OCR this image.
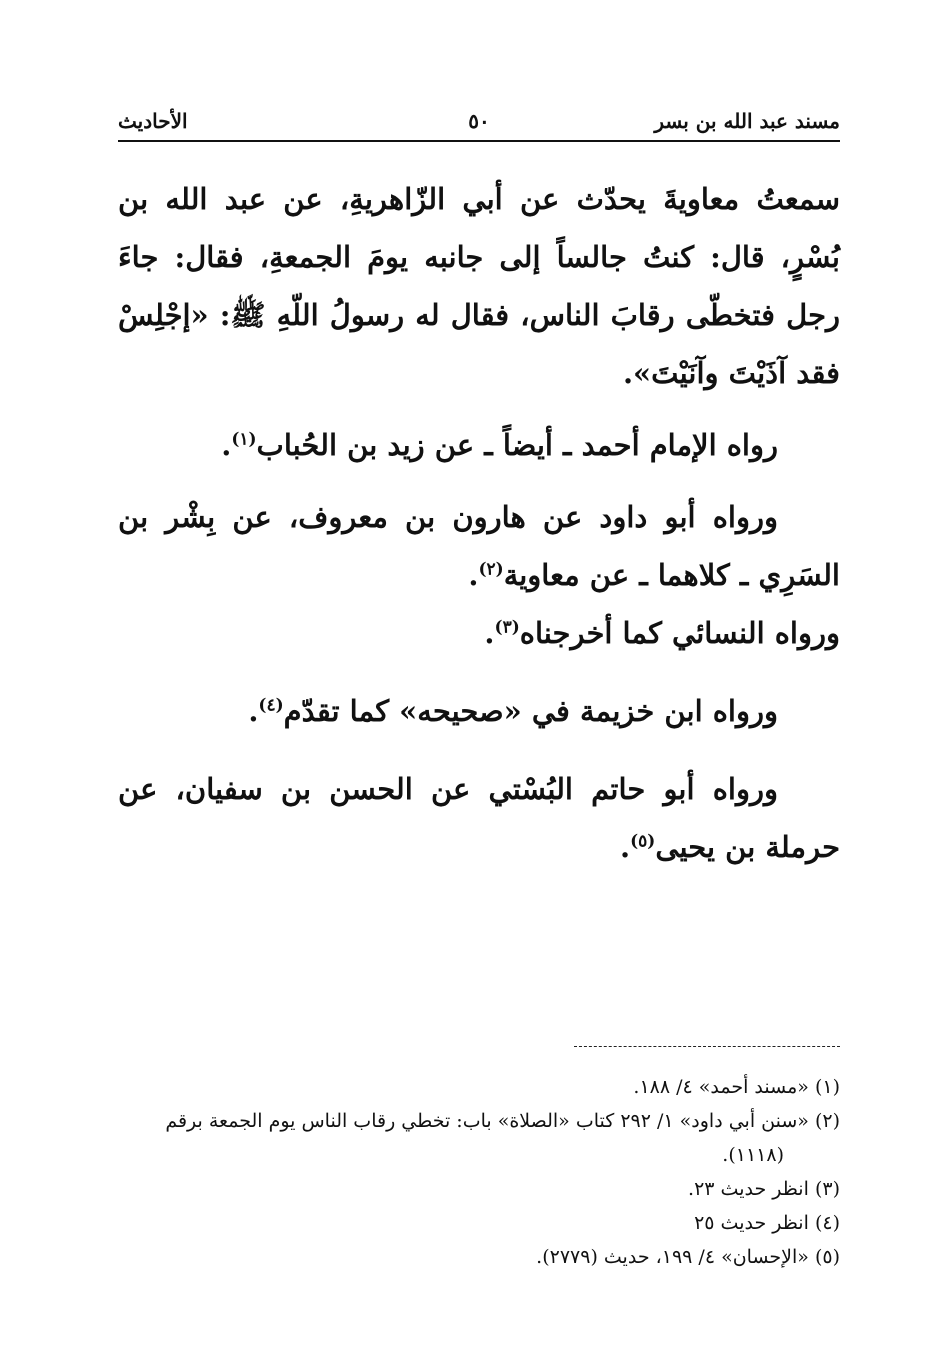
مسند عبد الله بن بسر
٥٠
الأحاديث

سمعتُ معاويةَ يحدّث عن أبي الزّاهريةِ، عن عبد الله بن بُسْرٍ، قال: كنتُ جالساً إلى جانبه يومَ الجمعةِ، فقال: جاءَ رجل فتخطّى رقابَ الناس، فقال له رسولُ اللّهِ ﷺ: «إجْلِسْ فقد آذَيْتَ وآنَيْتَ».

رواه الإمام أحمد ـ أيضاً ـ عن زيد بن الحُباب$^{(١)}$.

ورواه أبو داود عن هارون بن معروف، عن بِشْر بن السَرِي ـ كلاهما ـ عن معاوية$^{(٢)}$.

ورواه النسائي كما أخرجناه$^{(٣)}$.

ورواه ابن خزيمة في «صحيحه» كما تقدّم$^{(٤)}$.

ورواه أبو حاتم البُسْتي عن الحسن بن سفيان، عن حرملة بن يحيى$^{(٥)}$.

(١) «مسند أحمد» ٤/ ١٨٨.

(٢) «سنن أبي داود» ١/ ٢٩٢ كتاب «الصلاة» باب: تخطي رقاب الناس يوم الجمعة برقم
(١١١٨).

(٣) انظر حديث ٢٣.

(٤) انظر حديث ٢٥

(٥) «الإحسان» ٤/ ١٩٩، حديث (٢٧٧٩).
